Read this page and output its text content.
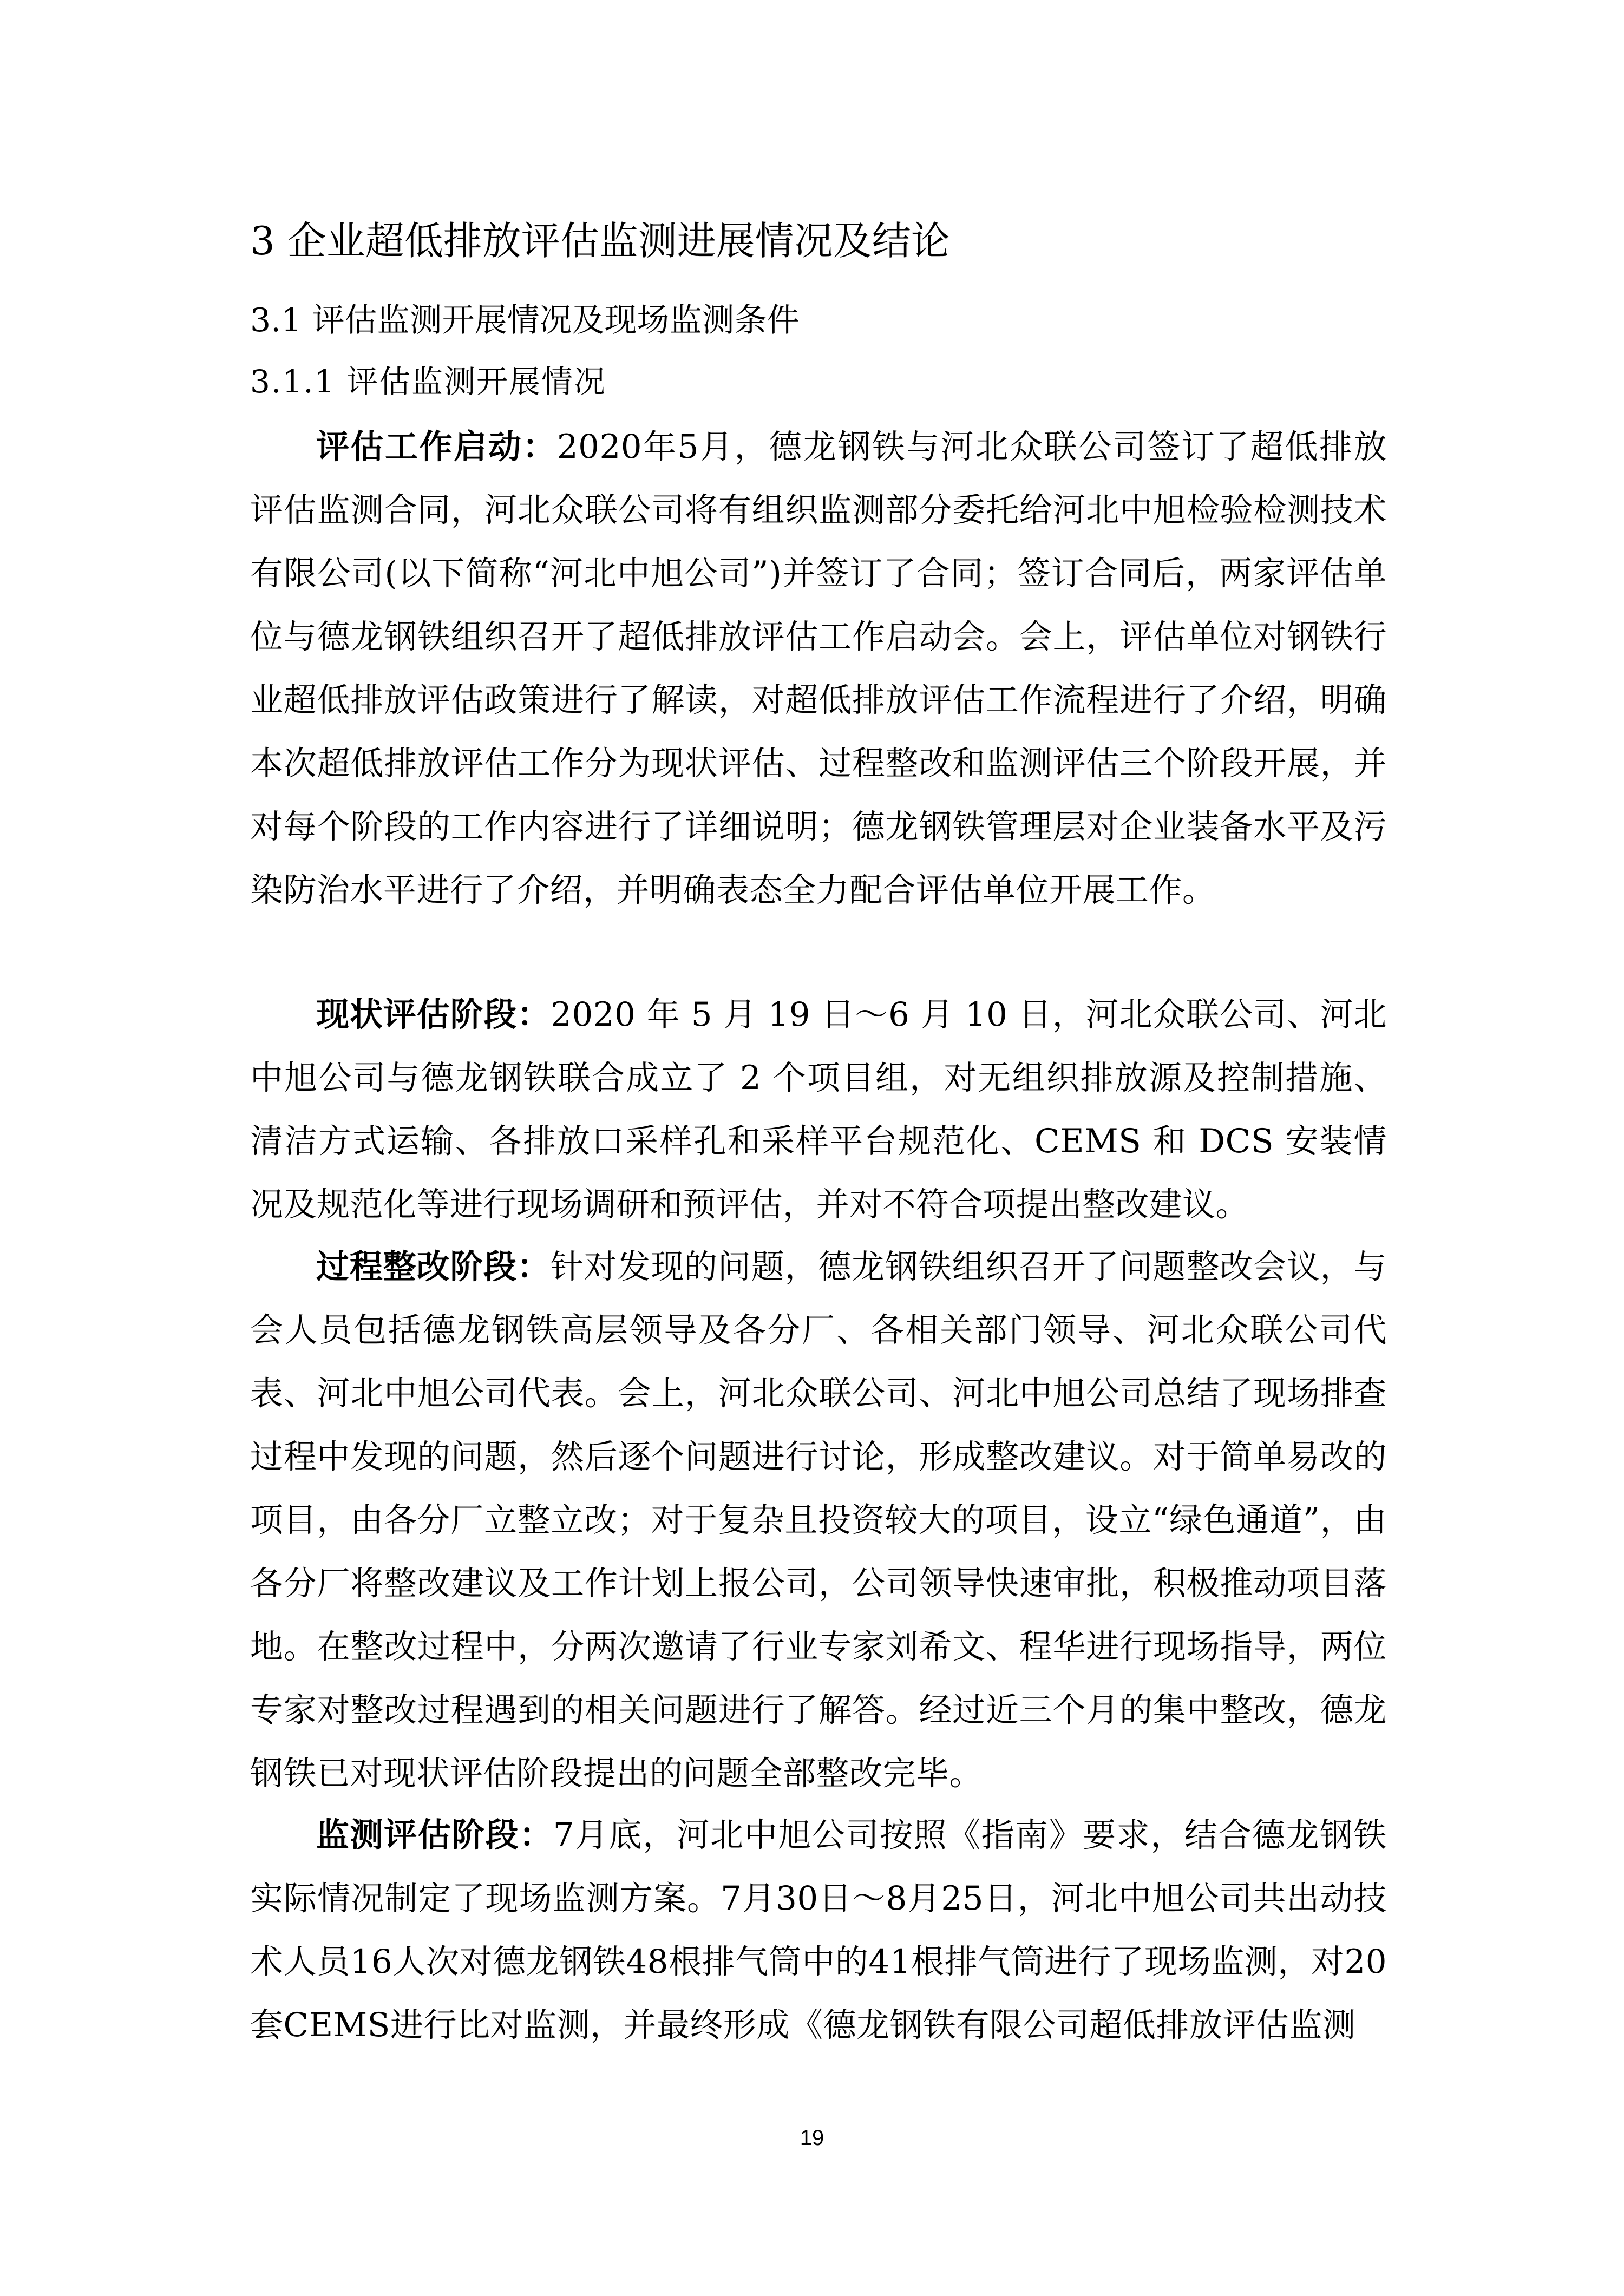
3 企业超低排放评估监测进展情况及结论
3.1 评估监测开展情况及现场监测条件
3.1.1 评估监测开展情况

评估工作启动：2020年5月，德龙钢铁与河北众联公司签订了超低排放评估监测合同，河北众联公司将有组织监测部分委托给河北中旭检验检测技术有限公司(以下简称“河北中旭公司”)并签订了合同；签订合同后，两家评估单位与德龙钢铁组织召开了超低排放评估工作启动会。会上，评估单位对钢铁行业超低排放评估政策进行了解读，对超低排放评估工作流程进行了介绍，明确本次超低排放评估工作分为现状评估、过程整改和监测评估三个阶段开展，并对每个阶段的工作内容进行了详细说明；德龙钢铁管理层对企业装备水平及污染防治水平进行了介绍，并明确表态全力配合评估单位开展工作。

现状评估阶段：2020 年 5 月 19 日～6 月 10 日，河北众联公司、河北中旭公司与德龙钢铁联合成立了 2 个项目组，对无组织排放源及控制措施、清洁方式运输、各排放口采样孔和采样平台规范化、CEMS 和 DCS 安装情况及规范化等进行现场调研和预评估，并对不符合项提出整改建议。

过程整改阶段：针对发现的问题，德龙钢铁组织召开了问题整改会议，与会人员包括德龙钢铁高层领导及各分厂、各相关部门领导、河北众联公司代表、河北中旭公司代表。会上，河北众联公司、河北中旭公司总结了现场排查过程中发现的问题，然后逐个问题进行讨论，形成整改建议。对于简单易改的项目，由各分厂立整立改；对于复杂且投资较大的项目，设立“绿色通道”，由各分厂将整改建议及工作计划上报公司，公司领导快速审批，积极推动项目落地。在整改过程中，分两次邀请了行业专家刘希文、程华进行现场指导，两位专家对整改过程遇到的相关问题进行了解答。经过近三个月的集中整改，德龙钢铁已对现状评估阶段提出的问题全部整改完毕。

监测评估阶段：7月底，河北中旭公司按照《指南》要求，结合德龙钢铁实际情况制定了现场监测方案。7月30日～8月25日，河北中旭公司共出动技术人员16人次对德龙钢铁48根排气筒中的41根排气筒进行了现场监测，对20套CEMS进行比对监测，并最终形成《德龙钢铁有限公司超低排放评估监测

19
